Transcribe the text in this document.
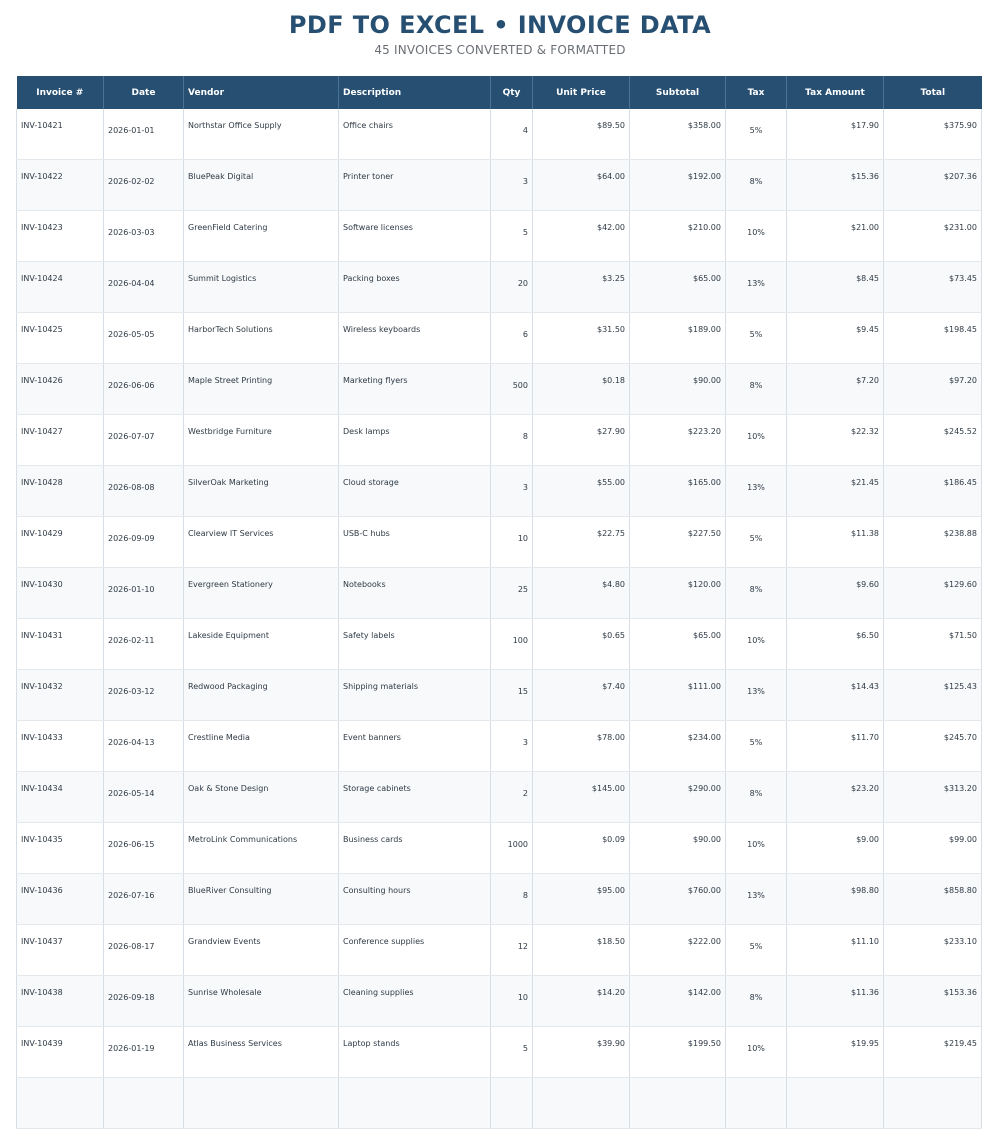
PDF TO EXCEL • INVOICE DATA
45 INVOICES CONVERTED & FORMATTED
Invoice #	Date	Vendor	Description	Qty	Unit Price	Subtotal	Tax	Tax Amount	Total
INV-10421	2026-01-01	Northstar Office Supply	Office chairs	4	$89.50	$358.00	5%	$17.90	$375.90
INV-10422	2026-02-02	BluePeak Digital	Printer toner	3	$64.00	$192.00	8%	$15.36	$207.36
INV-10423	2026-03-03	GreenField Catering	Software licenses	5	$42.00	$210.00	10%	$21.00	$231.00
INV-10424	2026-04-04	Summit Logistics	Packing boxes	20	$3.25	$65.00	13%	$8.45	$73.45
INV-10425	2026-05-05	HarborTech Solutions	Wireless keyboards	6	$31.50	$189.00	5%	$9.45	$198.45
INV-10426	2026-06-06	Maple Street Printing	Marketing flyers	500	$0.18	$90.00	8%	$7.20	$97.20
INV-10427	2026-07-07	Westbridge Furniture	Desk lamps	8	$27.90	$223.20	10%	$22.32	$245.52
INV-10428	2026-08-08	SilverOak Marketing	Cloud storage	3	$55.00	$165.00	13%	$21.45	$186.45
INV-10429	2026-09-09	Clearview IT Services	USB-C hubs	10	$22.75	$227.50	5%	$11.38	$238.88
INV-10430	2026-01-10	Evergreen Stationery	Notebooks	25	$4.80	$120.00	8%	$9.60	$129.60
INV-10431	2026-02-11	Lakeside Equipment	Safety labels	100	$0.65	$65.00	10%	$6.50	$71.50
INV-10432	2026-03-12	Redwood Packaging	Shipping materials	15	$7.40	$111.00	13%	$14.43	$125.43
INV-10433	2026-04-13	Crestline Media	Event banners	3	$78.00	$234.00	5%	$11.70	$245.70
INV-10434	2026-05-14	Oak & Stone Design	Storage cabinets	2	$145.00	$290.00	8%	$23.20	$313.20
INV-10435	2026-06-15	MetroLink Communications	Business cards	1000	$0.09	$90.00	10%	$9.00	$99.00
INV-10436	2026-07-16	BlueRiver Consulting	Consulting hours	8	$95.00	$760.00	13%	$98.80	$858.80
INV-10437	2026-08-17	Grandview Events	Conference supplies	12	$18.50	$222.00	5%	$11.10	$233.10
INV-10438	2026-09-18	Sunrise Wholesale	Cleaning supplies	10	$14.20	$142.00	8%	$11.36	$153.36
INV-10439	2026-01-19	Atlas Business Services	Laptop stands	5	$39.90	$199.50	10%	$19.95	$219.45
